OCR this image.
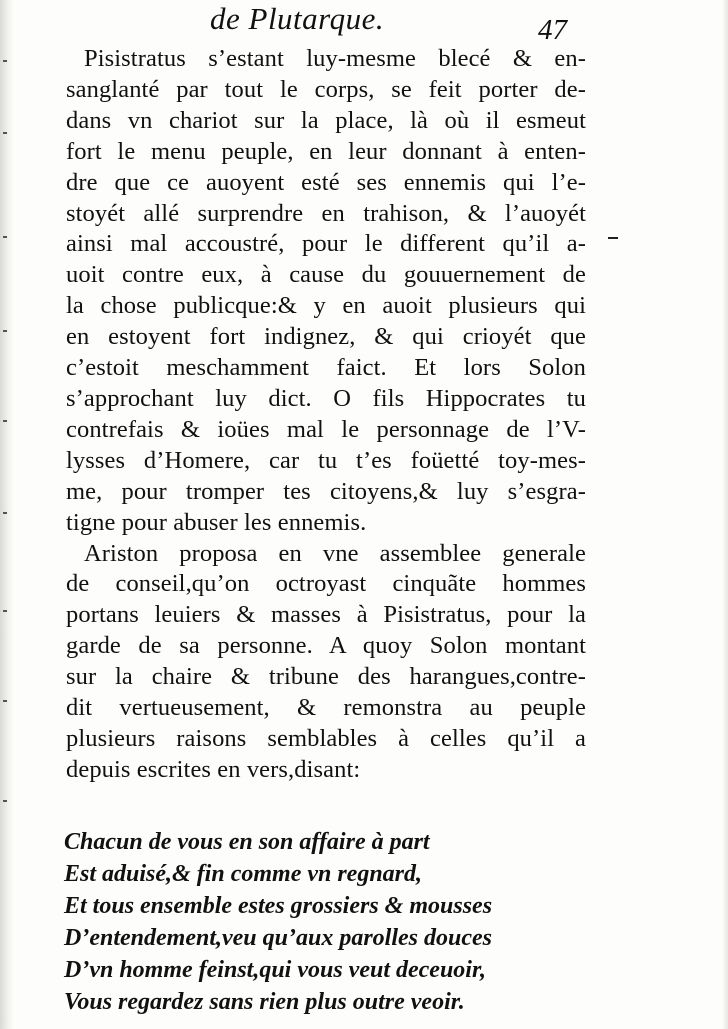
de Plutarque.	47
Pisistratus s’estant luy-mesme blecé & en-
sanglanté par tout le corps, se feit porter de-
dans vn chariot sur la place, là où il esmeut
fort le menu peuple, en leur donnant à enten-
dre que ce auoyent esté ses ennemis qui l’e-
stoyét allé surprendre en trahison, & l’auoyét
ainsi mal accoustré, pour le different qu’il a-
uoit contre eux, à cause du gouuernement de
la chose publicque:& y en auoit plusieurs qui
en estoyent fort indignez, & qui crioyét que
c’estoit meschamment faict. Et lors Solon
s’approchant luy dict. O fils Hippocrates tu
contrefais & ioües mal le personnage de l’V-
lysses d’Homere, car tu t’es foüetté toy-mes-
me, pour tromper tes citoyens,& luy s’esgra-
tigne pour abuser les ennemis.
Ariston proposa en vne assemblee generale
de conseil,qu’on octroyast cinquãte hommes
portans leuiers & masses à Pisistratus, pour la
garde de sa personne. A quoy Solon montant
sur la chaire & tribune des harangues,contre-
dit vertueusement, & remonstra au peuple
plusieurs raisons semblables à celles qu’il a
depuis escrites en vers,disant:
Chacun de vous en son affaire à part
Est aduisé,& fin comme vn regnard,
Et tous ensemble estes grossiers & mousses
D’entendement,veu qu’aux parolles douces
D’vn homme feinst,qui vous veut deceuoir,
Vous regardez sans rien plus outre veoir.
